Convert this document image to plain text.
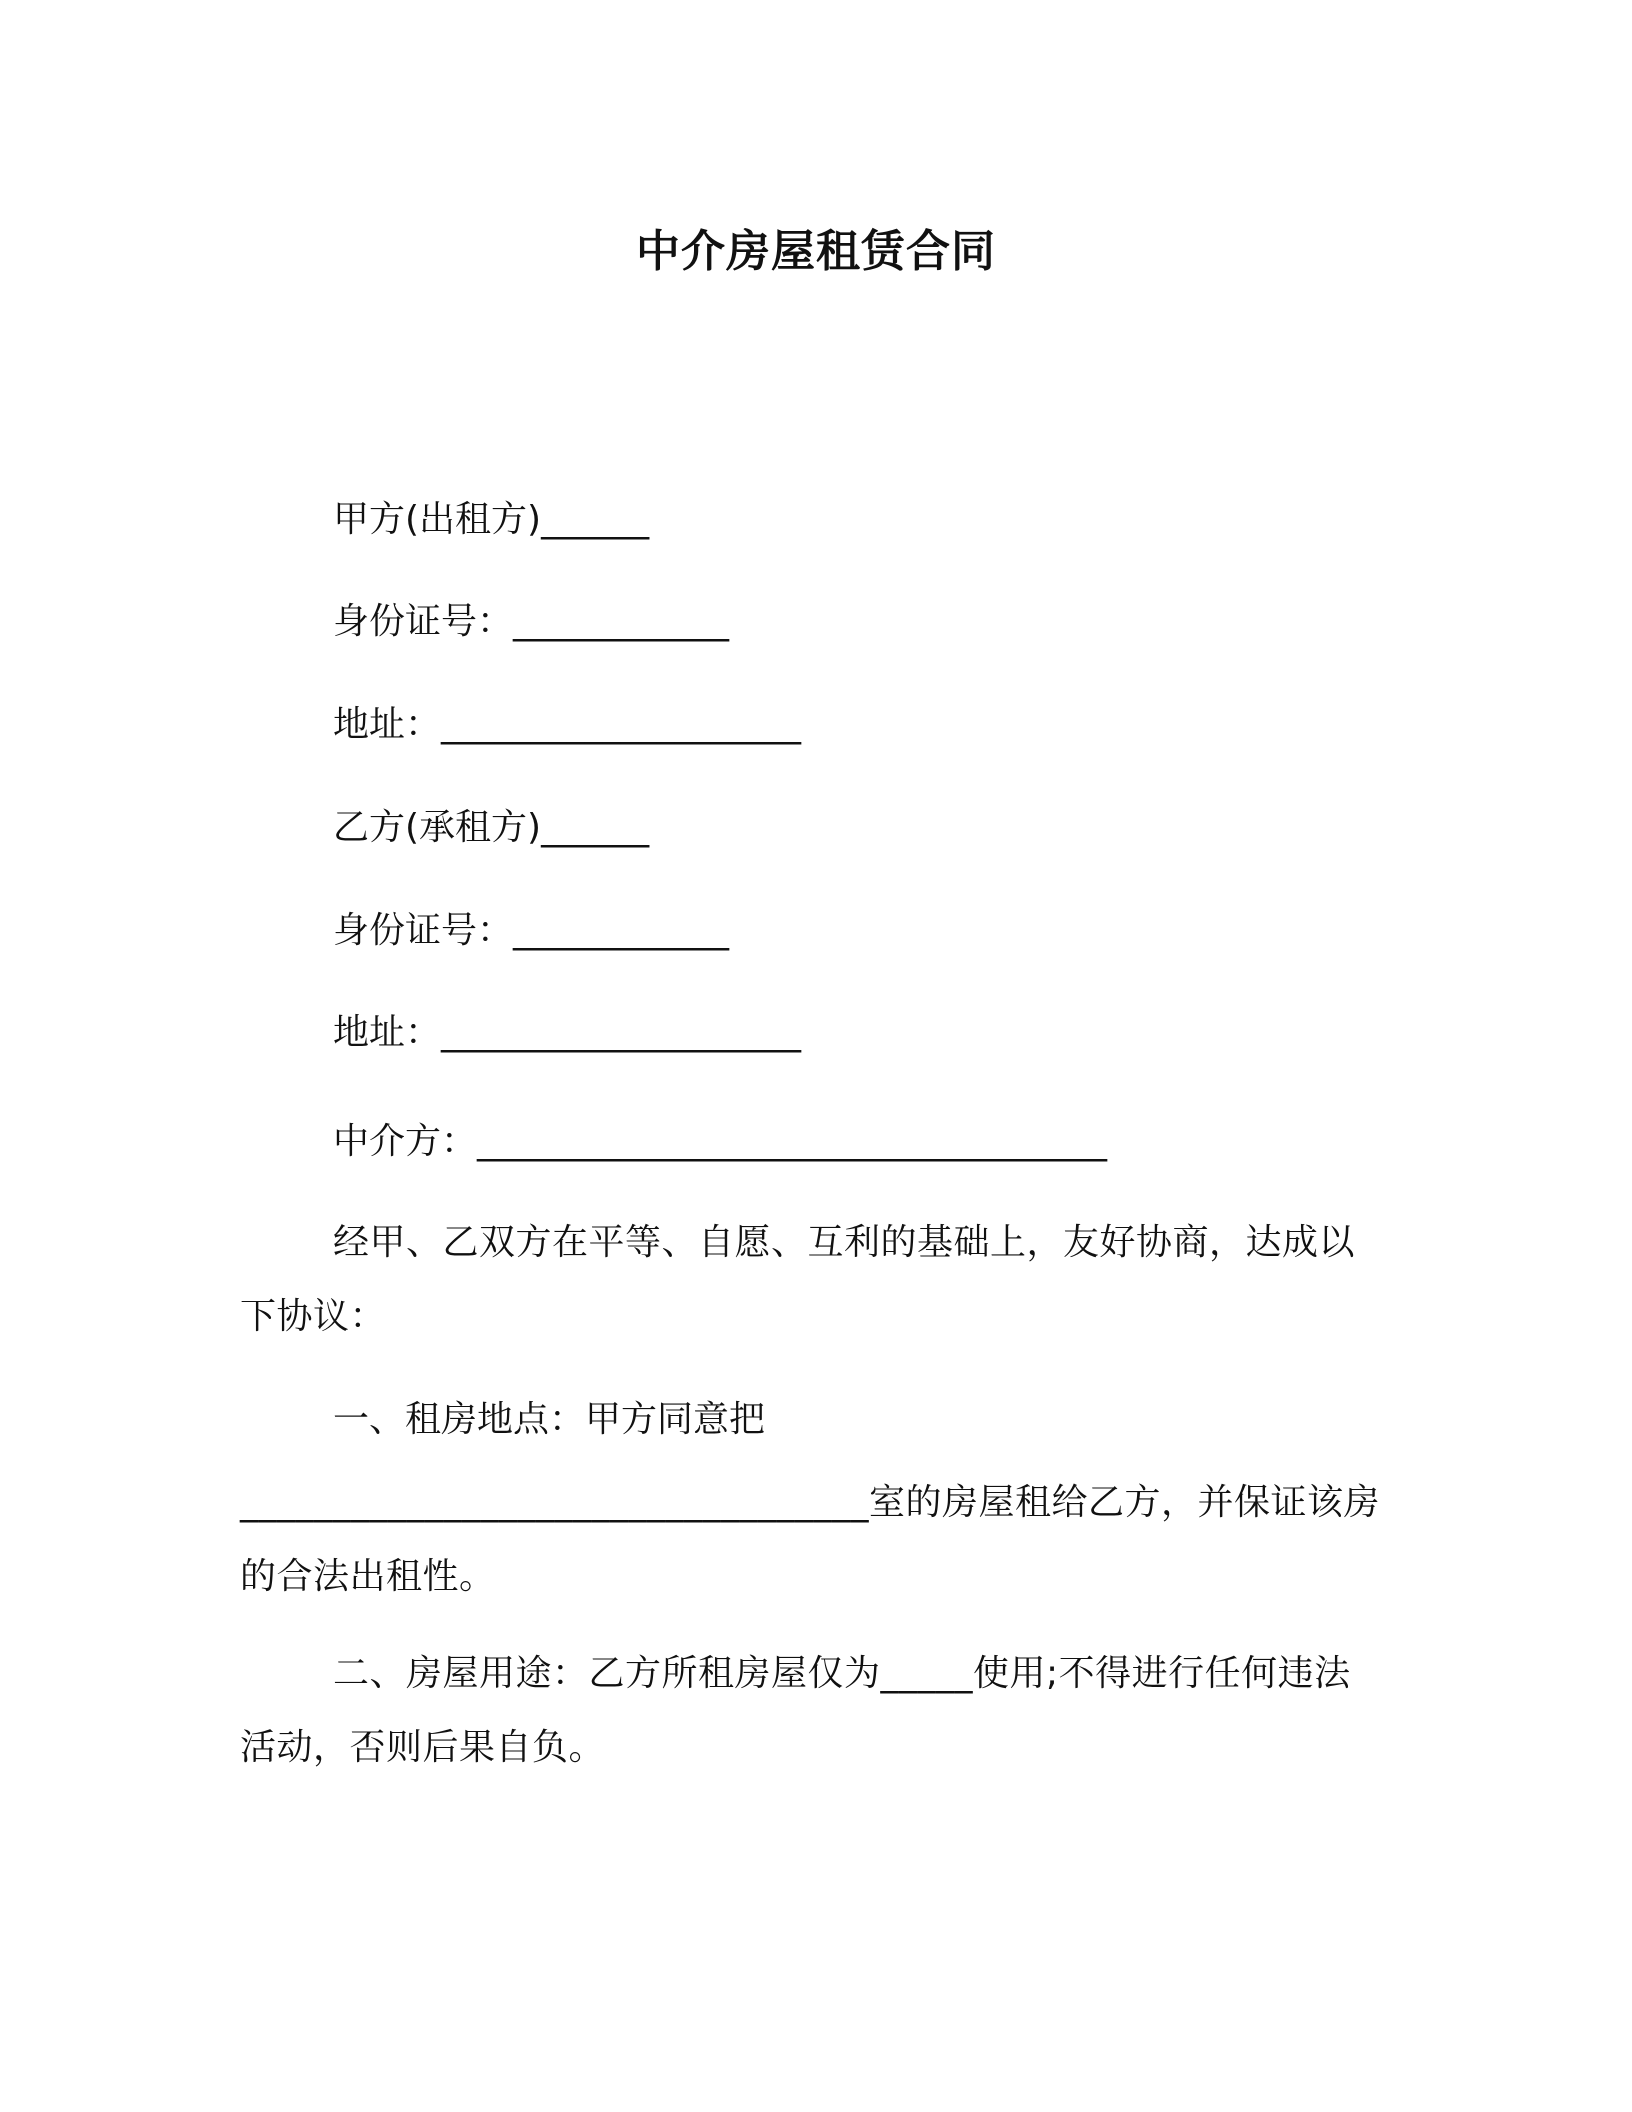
中介房屋租赁合同
甲方(出租方)______
身份证号：____________
地址：____________________
乙方(承租方)______
身份证号：____________
地址：____________________
中介方：___________________________________
经甲、乙双方在平等、自愿、互利的基础上，友好协商，达成以下协议：
一、租房地点：甲方同意把
__________________________________室的房屋租给乙方，并保证该房的合法出租性。
二、房屋用途：乙方所租房屋仅为_____使用;不得进行任何违法活动，否则后果自负。
